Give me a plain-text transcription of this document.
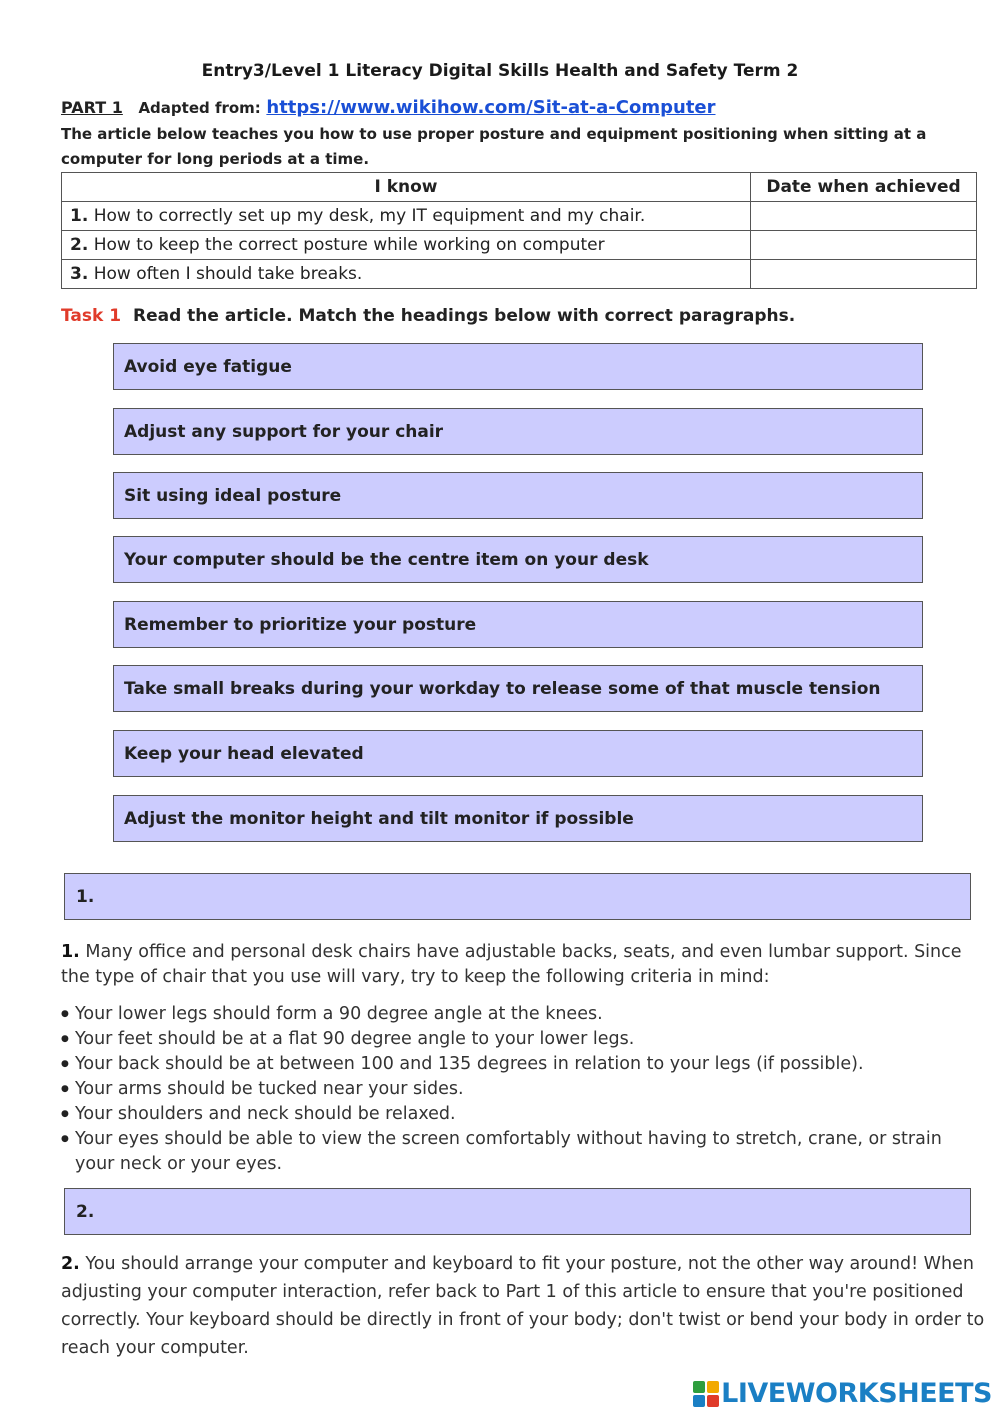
Entry3/Level 1 Literacy Digital Skills Health and Safety Term 2
PART 1 Adapted from: https://www.wikihow.com/Sit-at-a-Computer
The article below teaches you how to use proper posture and equipment positioning when sitting at a computer for long periods at a time.
I know	Date when achieved
1. How to correctly set up my desk, my IT equipment and my chair.	
2. How to keep the correct posture while working on computer	
3. How often I should take breaks.	
Task 1 Read the article. Match the headings below with correct paragraphs.
Avoid eye fatigue
Adjust any support for your chair
Sit using ideal posture
Your computer should be the centre item on your desk
Remember to prioritize your posture
Take small breaks during your workday to release some of that muscle tension
Keep your head elevated
Adjust the monitor height and tilt monitor if possible
1.
1. Many office and personal desk chairs have adjustable backs, seats, and even lumbar support. Since the type of chair that you use will vary, try to keep the following criteria in mind:
● Your lower legs should form a 90 degree angle at the knees.
● Your feet should be at a flat 90 degree angle to your lower legs.
● Your back should be at between 100 and 135 degrees in relation to your legs (if possible).
● Your arms should be tucked near your sides.
● Your shoulders and neck should be relaxed.
● Your eyes should be able to view the screen comfortably without having to stretch, crane, or strain your neck or your eyes.
2.
2. You should arrange your computer and keyboard to fit your posture, not the other way around! When adjusting your computer interaction, refer back to Part 1 of this article to ensure that you're positioned correctly. Your keyboard should be directly in front of your body; don't twist or bend your body in order to reach your computer.
LIVEWORKSHEETS
